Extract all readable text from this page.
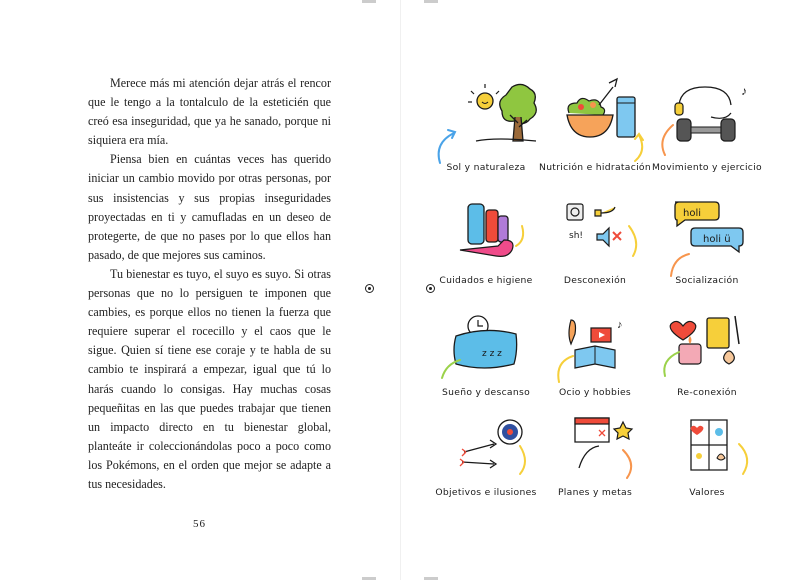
Merece más mi atención dejar atrás el rencor que le tengo a la tontalculo de la esteticién que creó esa inseguridad, que ya he sanado, porque ni siquiera era mía.

Piensa bien en cuántas veces has querido iniciar un cambio movido por otras personas, por sus insistencias y sus propias inseguridades proyectadas en ti y camufladas en un deseo de protegerte, de que no pases por lo que ellos han pasado, de que mejores sus caminos.

Tu bienestar es tuyo, el suyo es suyo. Si otras personas que no lo persiguen te imponen que cambies, es porque ellos no tienen la fuerza que requiere superar el rocecillo y el caos que le sigue. Quien sí tiene ese coraje y te habla de su cambio te inspirará a empezar, igual que tú lo harás cuando lo consigas. Hay muchas cosas pequeñitas en las que puedes trabajar que tienen un impacto directo en tu bienestar global, planteáte ir coleccionándolas poco a poco como los Pokémons, en el orden que mejor se adapte a tus necesidades.

56
Sol y naturaleza	Nutrición e hidratación
♪
Movimiento y ejercicio
Cuidados e higiene
sh!
Desconexión
holi
holi ü
Socialización
z z z
Sueño y descanso
♪
Ocio y hobbies	Re-conexión
Objetivos e ilusiones	Planes y metas	Valores
